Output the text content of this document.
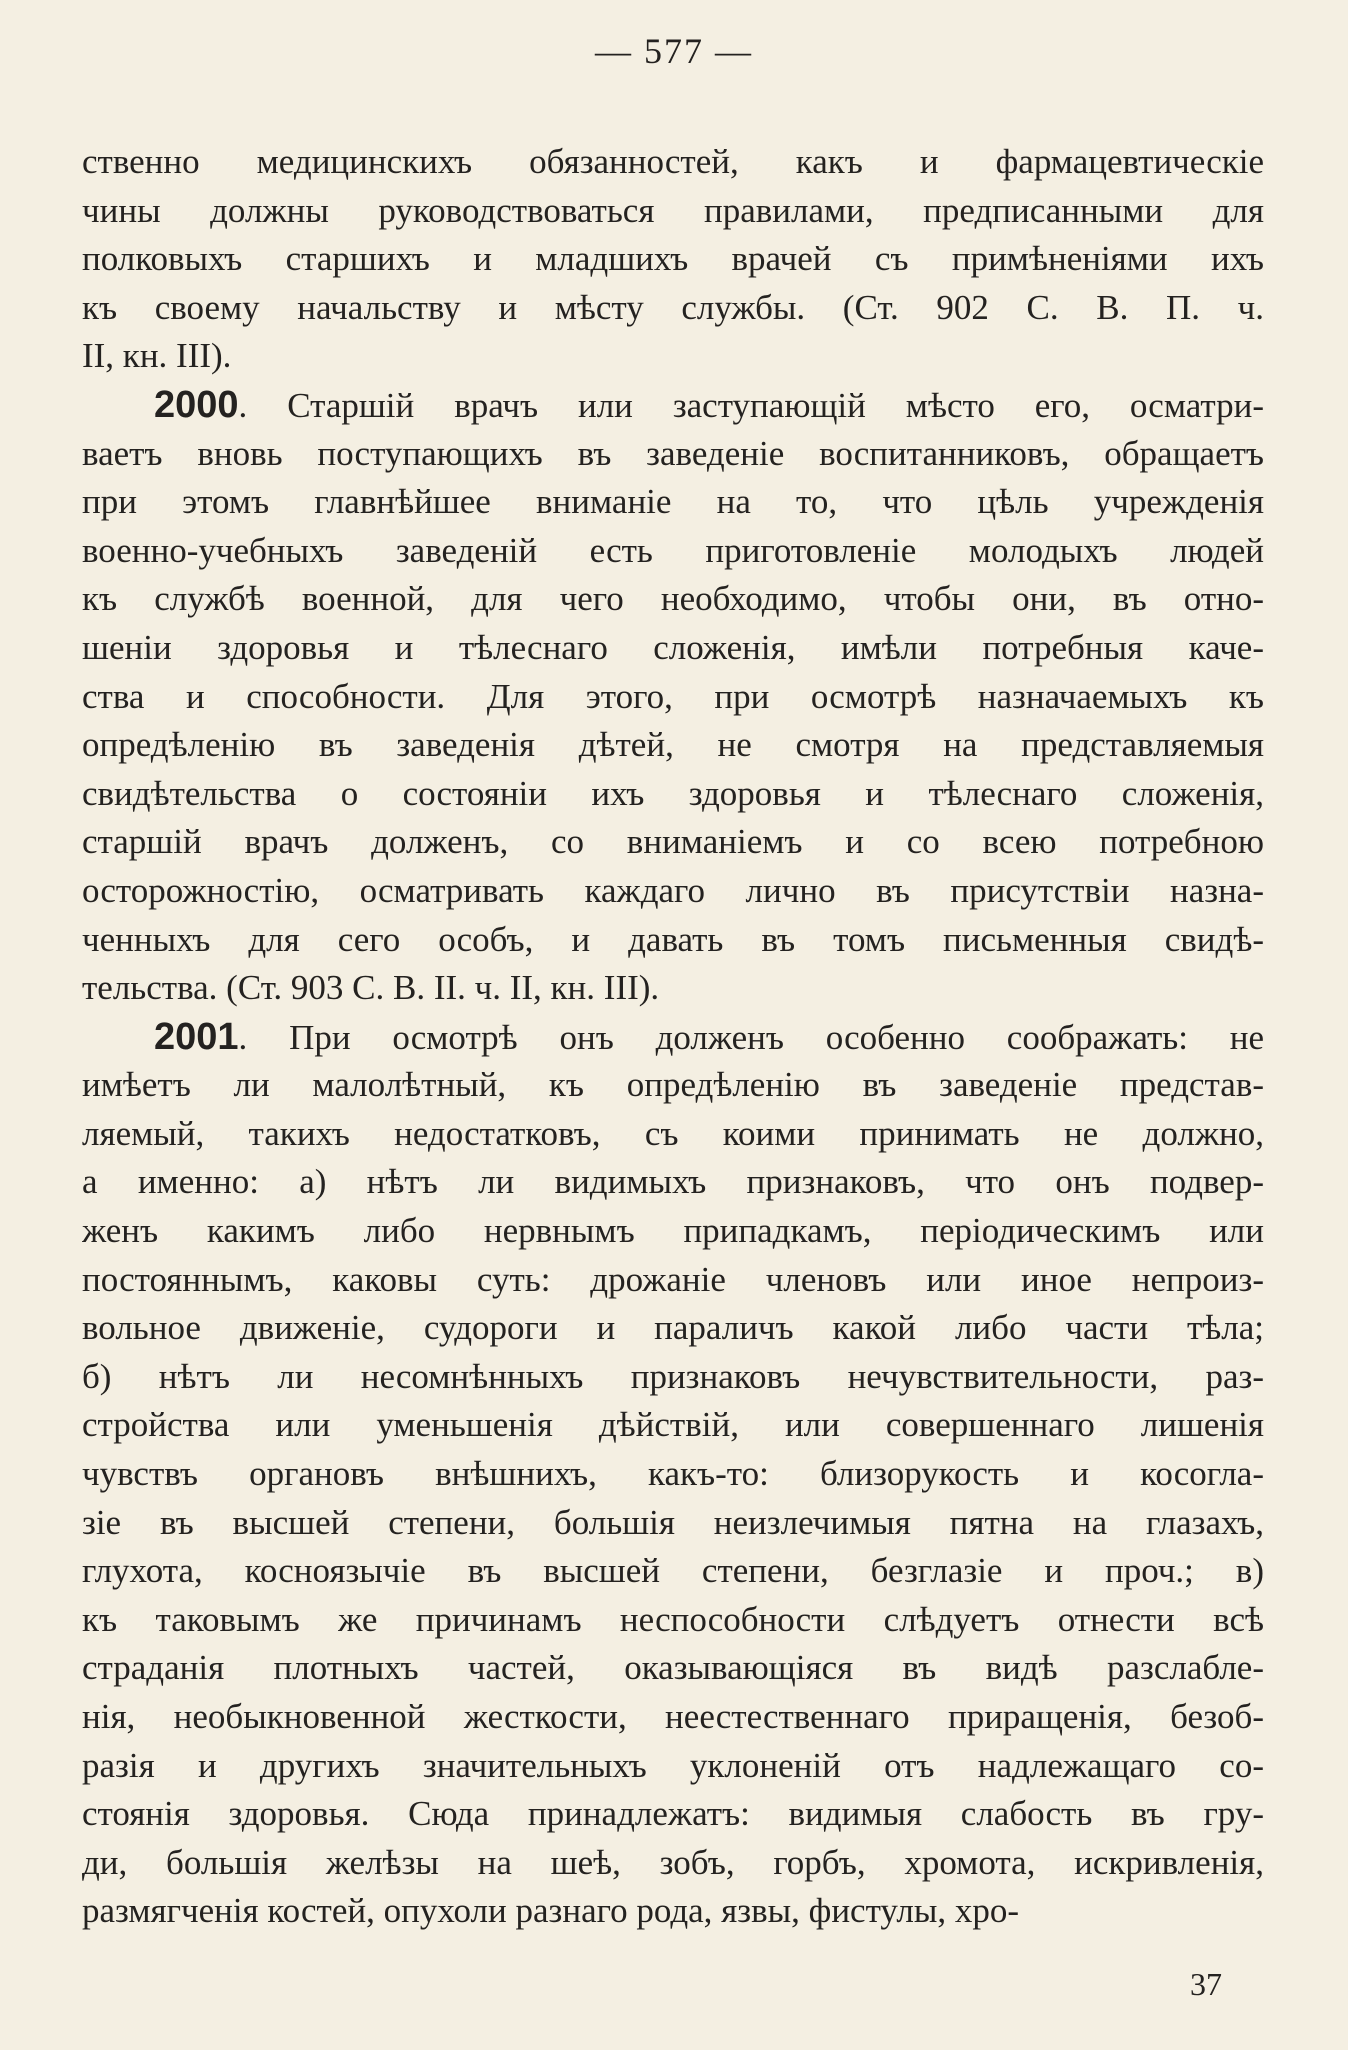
— 577 —
ственно медицинскихъ обязанностей, какъ и фармацевтическіе
чины должны руководствоваться правилами, предписанными для
полковыхъ старшихъ и младшихъ врачей съ примѣненіями ихъ
къ своему начальству и мѣсту службы. (Ст. 902 С. В. П. ч.
II, кн. III).
2000. Старшій врачъ или заступающій мѣсто его, осматри-
ваетъ вновь поступающихъ въ заведеніе воспитанниковъ, обращаетъ
при этомъ главнѣйшее вниманіе на то, что цѣль учрежденія
военно-учебныхъ заведеній есть приготовленіе молодыхъ людей
къ службѣ военной, для чего необходимо, чтобы они, въ отно-
шеніи здоровья и тѣлеснаго сложенія, имѣли потребныя каче-
ства и способности. Для этого, при осмотрѣ назначаемыхъ къ
опредѣленію въ заведенія дѣтей, не смотря на представляемыя
свидѣтельства о состояніи ихъ здоровья и тѣлеснаго сложенія,
старшій врачъ долженъ, со вниманіемъ и со всею потребною
осторожностію, осматривать каждаго лично въ присутствіи назна-
ченныхъ для сего особъ, и давать въ томъ письменныя свидѣ-
тельства. (Ст. 903 С. В. II. ч. II, кн. III).
2001. При осмотрѣ онъ долженъ особенно соображать: не
имѣетъ ли малолѣтный, къ опредѣленію въ заведеніе представ-
ляемый, такихъ недостатковъ, съ коими принимать не должно,
а именно: а) нѣтъ ли видимыхъ признаковъ, что онъ подвер-
женъ какимъ либо нервнымъ припадкамъ, періодическимъ или
постояннымъ, каковы суть: дрожаніе членовъ или иное непроиз-
вольное движеніе, судороги и параличъ какой либо части тѣла;
б) нѣтъ ли несомнѣнныхъ признаковъ нечувствительности, раз-
стройства или уменьшенія дѣйствій, или совершеннаго лишенія
чувствъ органовъ внѣшнихъ, какъ-то: близорукость и косогла-
зіе въ высшей степени, большія неизлечимыя пятна на глазахъ,
глухота, косноязычіе въ высшей степени, безглазіе и проч.; в)
къ таковымъ же причинамъ неспособности слѣдуетъ отнести всѣ
страданія плотныхъ частей, оказывающіяся въ видѣ разслабле-
нія, необыкновенной жесткости, неестественнаго приращенія, безоб-
разія и другихъ значительныхъ уклоненій отъ надлежащаго со-
стоянія здоровья. Сюда принадлежатъ: видимыя слабость въ гру-
ди, большія желѣзы на шеѣ, зобъ, горбъ, хромота, искривленія,
размягченія костей, опухоли разнаго рода, язвы, фистулы, хро-
37
